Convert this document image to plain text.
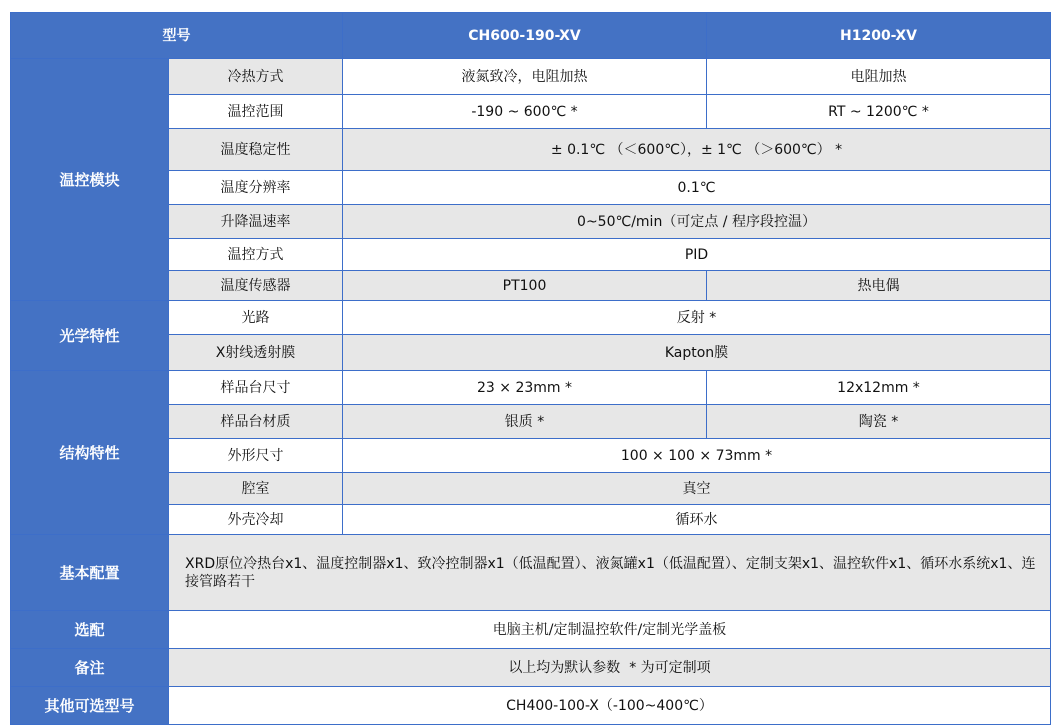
型号		CH600-190-XV	H1200-XV
温控模块	冷热方式	液氮致冷，电阻加热	电阻加热
	温控范围	-190 ~ 600℃ *	RT ~ 1200℃ *
	温度稳定性	± 0.1℃ （＜600℃），± 1℃ （＞600℃） *	
	温度分辨率	0.1℃	
	升降温速率	0~50℃/min（可定点 / 程序段控温）	
	温控方式	PID	
	温度传感器	PT100	热电偶
光学特性	光路	反射 *	
	X射线透射膜	Kapton膜	
结构特性	样品台尺寸	23 × 23mm *	12x12mm *
	样品台材质	银质 *	陶瓷 *
	外形尺寸	100 × 100 × 73mm *	
	腔室	真空	
	外壳冷却	循环水	
基本配置	XRD原位冷热台x1、温度控制器x1、致冷控制器x1（低温配置）、液氮罐x1（低温配置）、定制支架x1、温控软件x1、循环水系统x1、连接管路若干		
选配	电脑主机/定制温控软件/定制光学盖板		
备注	以上均为默认参数  * 为可定制项		
其他可选型号	CH400-100-X（-100~400℃）		
